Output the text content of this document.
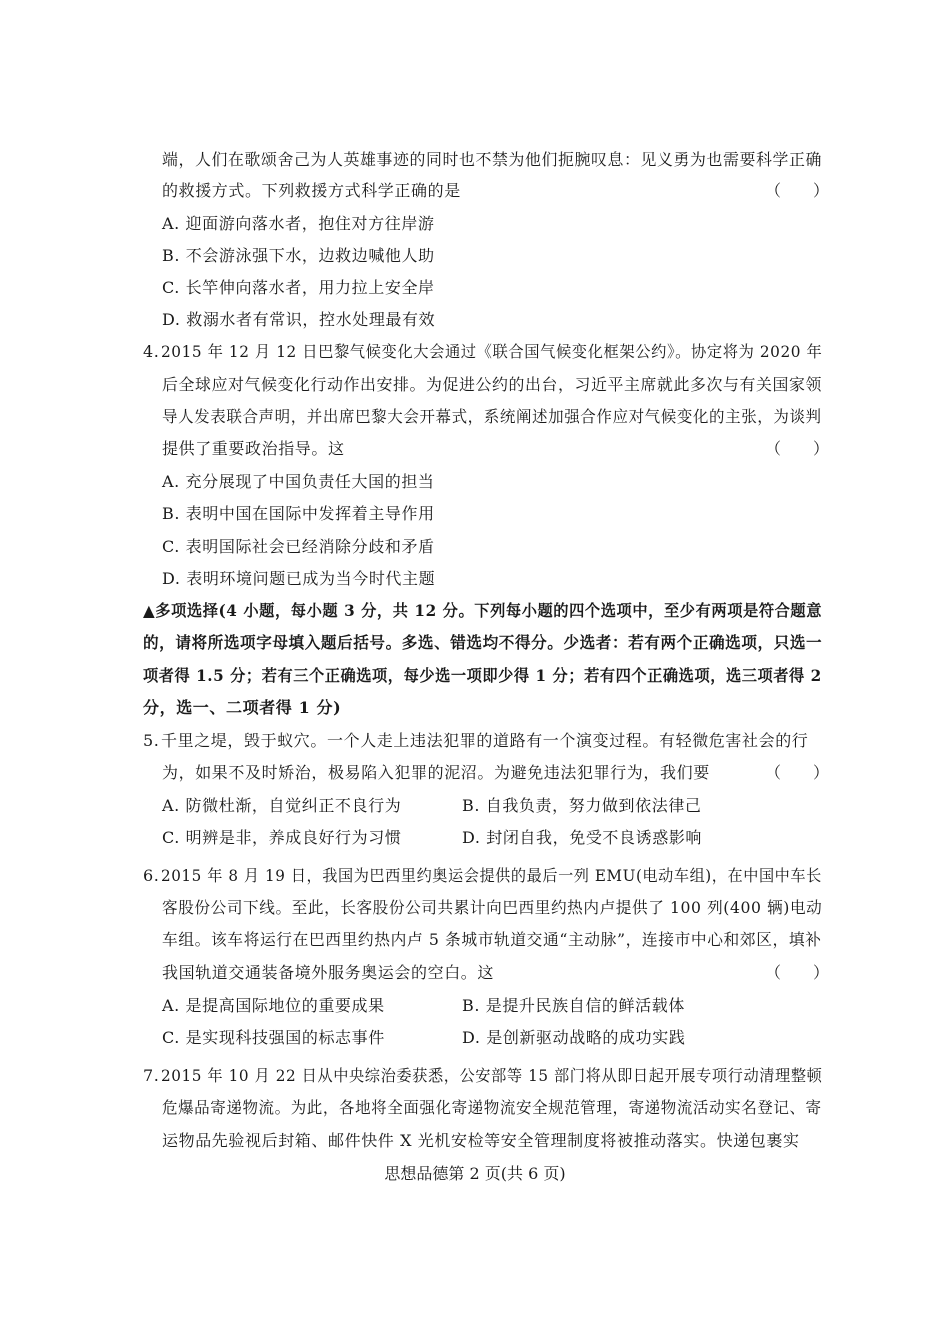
端，人们在歌颂舍己为人英雄事迹的同时也不禁为他们扼腕叹息：见义勇为也需要科学正确
的救援方式。下列救援方式科学正确的是	（　　）
A. 迎面游向落水者，抱住对方往岸游
B. 不会游泳强下水，边救边喊他人助
C. 长竿伸向落水者，用力拉上安全岸
D. 救溺水者有常识，控水处理最有效
4. 2015 年 12 月 12 日巴黎气候变化大会通过《联合国气候变化框架公约》。协定将为 2020 年
后全球应对气候变化行动作出安排。为促进公约的出台，习近平主席就此多次与有关国家领
导人发表联合声明，并出席巴黎大会开幕式，系统阐述加强合作应对气候变化的主张，为谈判
提供了重要政治指导。这	（　　）
A. 充分展现了中国负责任大国的担当
B. 表明中国在国际中发挥着主导作用
C. 表明国际社会已经消除分歧和矛盾
D. 表明环境问题已成为当今时代主题
▲多项选择(4 小题，每小题 3 分，共 12 分。下列每小题的四个选项中，至少有两项是符合题意
的，请将所选项字母填入题后括号。多选、错选均不得分。少选者：若有两个正确选项，只选一
项者得 1.5 分；若有三个正确选项，每少选一项即少得 1 分；若有四个正确选项，选三项者得 2
分，选一、二项者得 1 分)
5. 千里之堤，毁于蚁穴。一个人走上违法犯罪的道路有一个演变过程。有轻微危害社会的行
为，如果不及时矫治，极易陷入犯罪的泥沼。为避免违法犯罪行为，我们要	（　　）
A. 防微杜渐，自觉纠正不良行为	B. 自我负责，努力做到依法律己
C. 明辨是非，养成良好行为习惯	D. 封闭自我，免受不良诱惑影响
6. 2015 年 8 月 19 日，我国为巴西里约奥运会提供的最后一列 EMU(电动车组)，在中国中车长
客股份公司下线。至此，长客股份公司共累计向巴西里约热内卢提供了 100 列(400 辆)电动
车组。该车将运行在巴西里约热内卢 5 条城市轨道交通“主动脉”，连接市中心和郊区，填补
我国轨道交通装备境外服务奥运会的空白。这	（　　）
A. 是提高国际地位的重要成果	B. 是提升民族自信的鲜活载体
C. 是实现科技强国的标志事件	D. 是创新驱动战略的成功实践
7. 2015 年 10 月 22 日从中央综治委获悉，公安部等 15 部门将从即日起开展专项行动清理整顿
危爆品寄递物流。为此，各地将全面强化寄递物流安全规范管理，寄递物流活动实名登记、寄
运物品先验视后封箱、邮件快件 X 光机安检等安全管理制度将被推动落实。快递包裹实
思想品德第 2 页(共 6 页)
